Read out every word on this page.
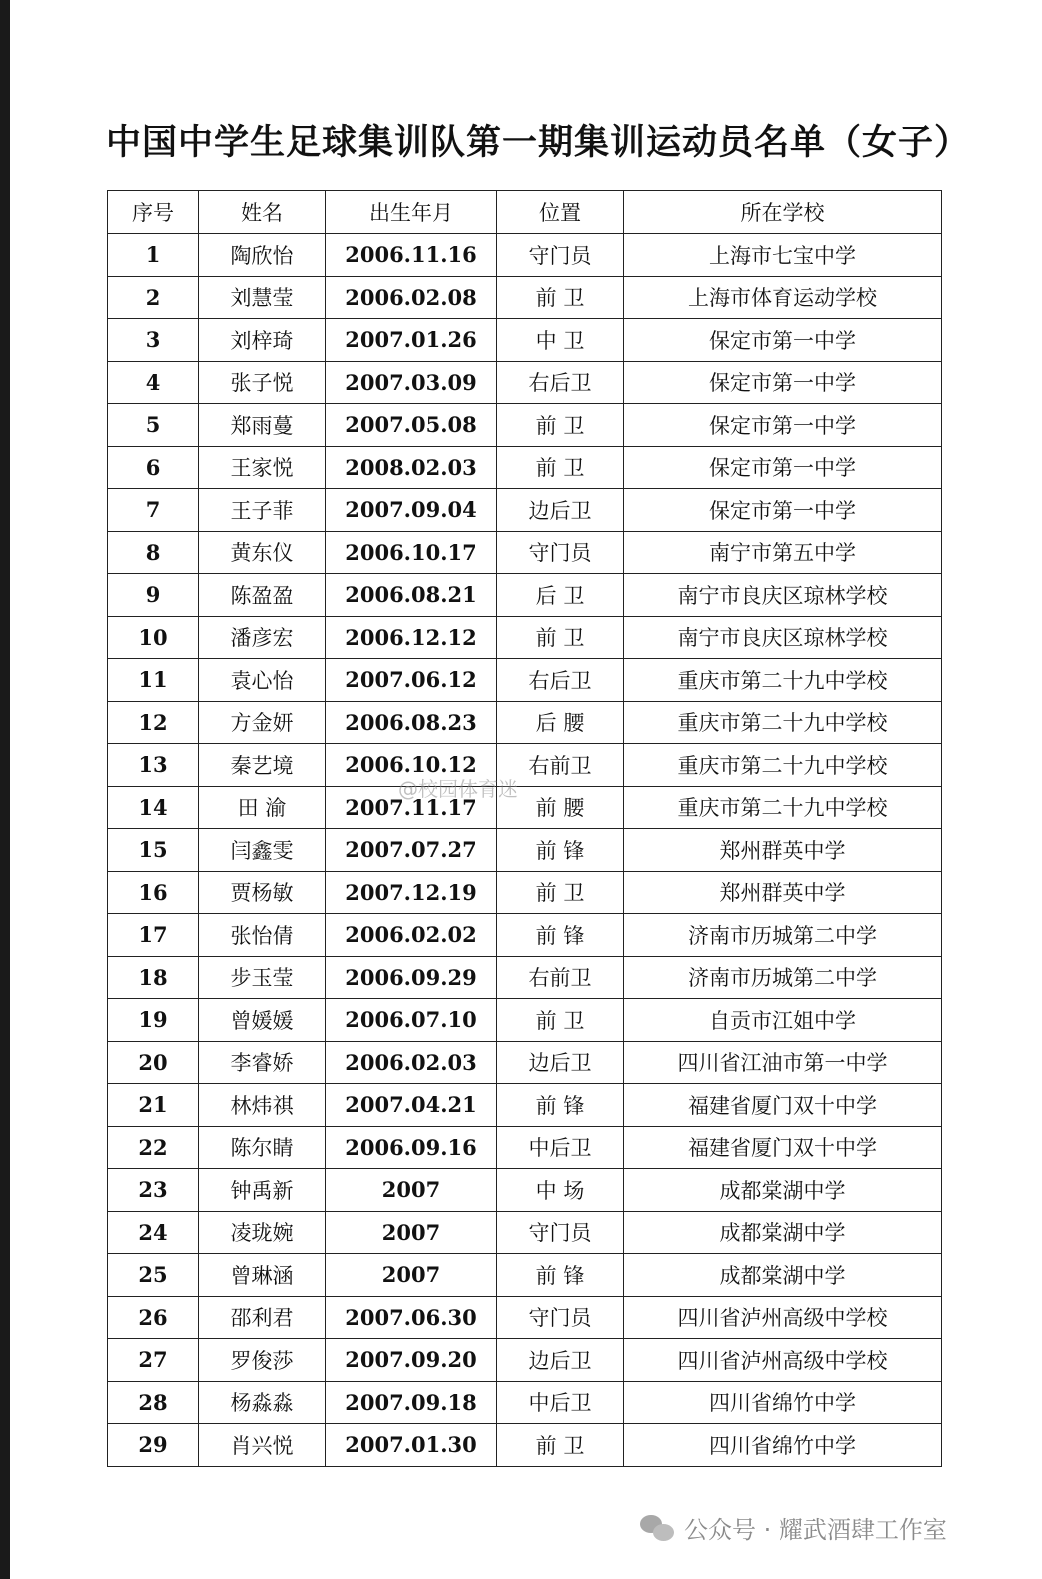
中国中学生足球集训队第一期集训运动员名单（女子）
序号	姓名	出生年月	位置	所在学校
1	陶欣怡	2006.11.16	守门员	上海市七宝中学
2	刘慧莹	2006.02.08	前 卫	上海市体育运动学校
3	刘梓琦	2007.01.26	中 卫	保定市第一中学
4	张子悦	2007.03.09	右后卫	保定市第一中学
5	郑雨蔓	2007.05.08	前 卫	保定市第一中学
6	王家悦	2008.02.03	前 卫	保定市第一中学
7	王子菲	2007.09.04	边后卫	保定市第一中学
8	黄东仪	2006.10.17	守门员	南宁市第五中学
9	陈盈盈	2006.08.21	后 卫	南宁市良庆区琼林学校
10	潘彦宏	2006.12.12	前 卫	南宁市良庆区琼林学校
11	袁心怡	2007.06.12	右后卫	重庆市第二十九中学校
12	方金妍	2006.08.23	后 腰	重庆市第二十九中学校
13	秦艺境	2006.10.12	右前卫	重庆市第二十九中学校
14	田 渝	2007.11.17	前 腰	重庆市第二十九中学校
15	闫鑫雯	2007.07.27	前 锋	郑州群英中学
16	贾杨敏	2007.12.19	前 卫	郑州群英中学
17	张怡倩	2006.02.02	前 锋	济南市历城第二中学
18	步玉莹	2006.09.29	右前卫	济南市历城第二中学
19	曾媛媛	2006.07.10	前 卫	自贡市江姐中学
20	李睿娇	2006.02.03	边后卫	四川省江油市第一中学
21	林炜祺	2007.04.21	前 锋	福建省厦门双十中学
22	陈尔睛	2006.09.16	中后卫	福建省厦门双十中学
23	钟禹新	2007	中 场	成都棠湖中学
24	凌珑婉	2007	守门员	成都棠湖中学
25	曾琳涵	2007	前 锋	成都棠湖中学
26	邵利君	2007.06.30	守门员	四川省泸州高级中学校
27	罗俊莎	2007.09.20	边后卫	四川省泸州高级中学校
28	杨淼淼	2007.09.18	中后卫	四川省绵竹中学
29	肖兴悦	2007.01.30	前 卫	四川省绵竹中学
@校园体育迷
公众号 · 耀武酒肆工作室
